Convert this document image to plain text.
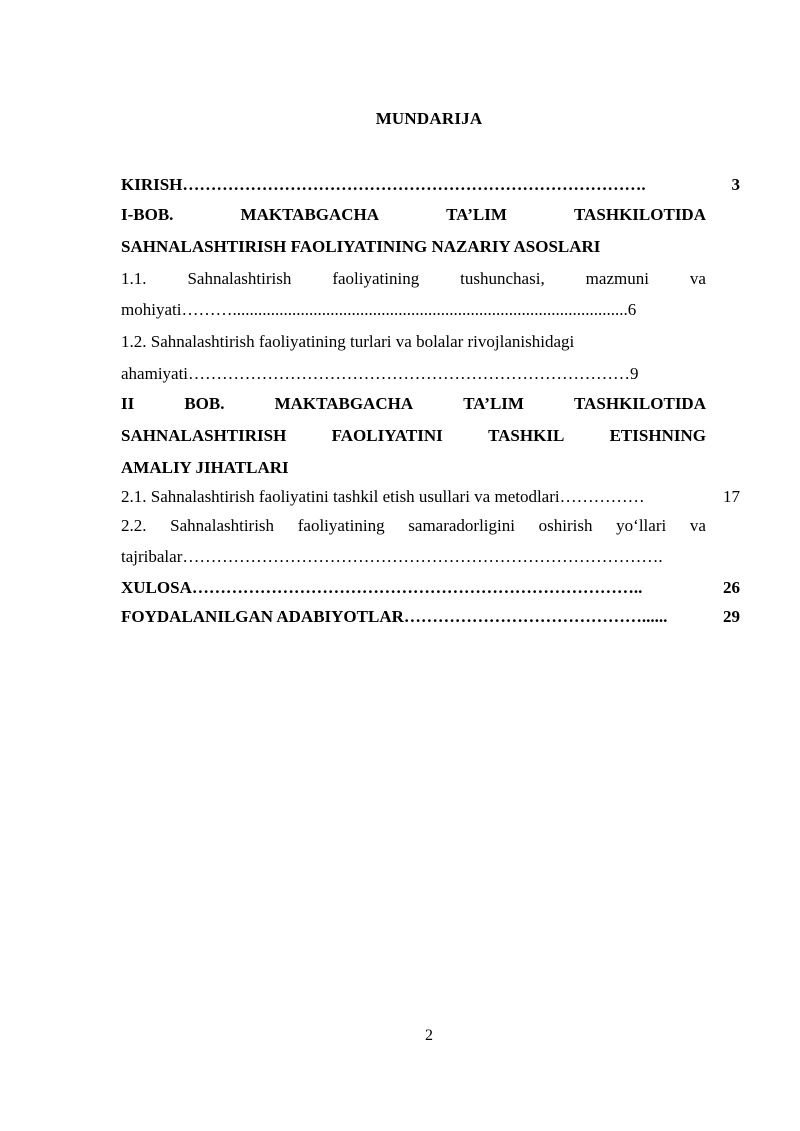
MUNDARIJA
KIRISH……………………………………………………………………….	3
I-BOB.	MAKTABGACHA	TA’LIM	TASHKILOTIDA
SAHNALASHTIRISH FAOLIYATINING NAZARIY ASOSLARI
1.1. Sahnalashtirish faoliyatining tushunchasi, mazmuni va
mohiyati……….............................................................................................6
1.2. Sahnalashtirish faoliyatining turlari va bolalar rivojlanishidagi
ahamiyati……………………………………………………………………9
II	BOB.	MAKTABGACHA	TA’LIM	TASHKILOTIDA
SAHNALASHTIRISH	FAOLIYATINI	TASHKIL	ETISHNING
AMALIY JIHATLARI
2.1. Sahnalashtirish faoliyatini tashkil etish usullari va metodlari……………	17
2.2. Sahnalashtirish faoliyatining samaradorligini oshirish yo‘llari va
tajribalar………………………………………………………………………….
XULOSA……………………………………………………………………..	26
FOYDALANILGAN ADABIYOTLAR……………………………………......	29
2
